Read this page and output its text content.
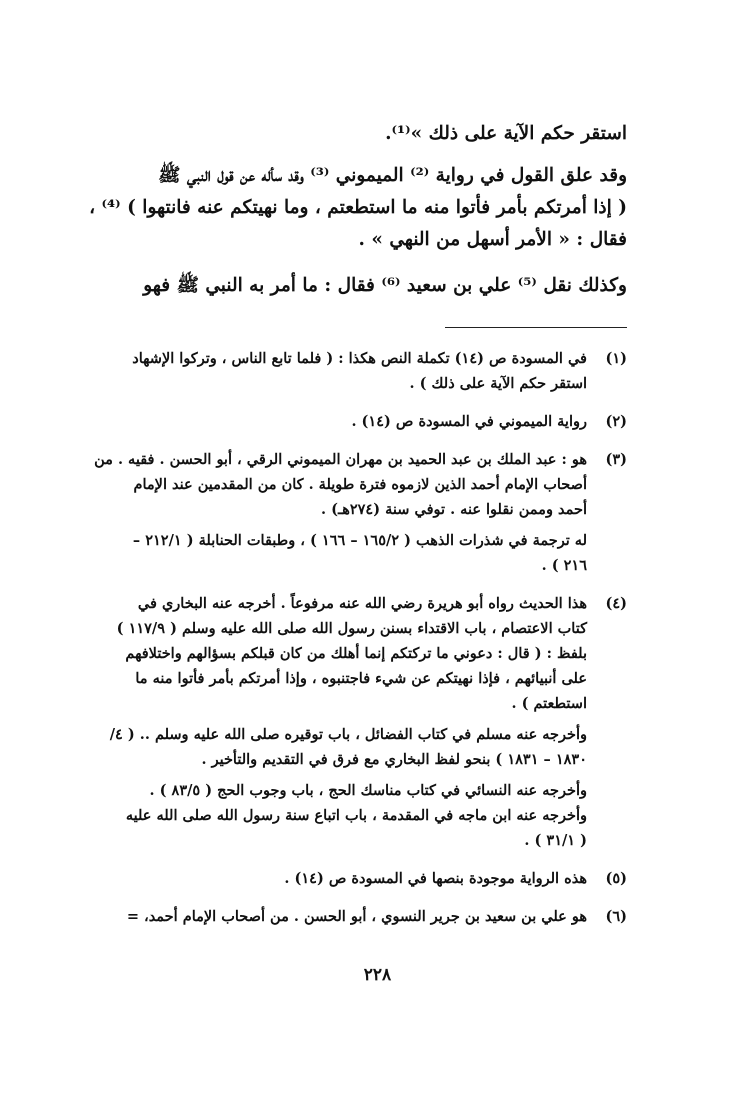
استقر حكم الآية على ذلك »⁽¹⁾.

وقد علق القول في رواية ⁽²⁾ الميموني ⁽³⁾ وقد سأله عن قول النبي ﷺ
( إذا أمرتكم بأمر فأتوا منه ما استطعتم ، وما نهيتكم عنه فانتهوا ) ⁽⁴⁾ ،
فقال : « الأمر أسهل من النهي » .

وكذلك نقل ⁽⁵⁾ علي بن سعيد ⁽⁶⁾ فقال : ما أمر به النبي ﷺ فهو

(١)
في المسودة ص (١٤) تكملة النص هكذا : ( فلما تابع الناس ، وتركوا الإشهاد
استقر حكم الآية على ذلك ) .
(٢)
رواية الميموني في المسودة ص (١٤) .
(٣)
هو : عبد الملك بن عبد الحميد بن مهران الميموني الرقي ، أبو الحسن . فقيه . من
أصحاب الإمام أحمد الذين لازموه فترة طويلة . كان من المقدمين عند الإمام
أحمد وممن نقلوا عنه . توفي سنة (٢٧٤هـ) .
له ترجمة في شذرات الذهب ( ١٦٥/٢ – ١٦٦ ) ، وطبقات الحنابلة ( ٢١٢/١ –
٢١٦ ) .
(٤)
هذا الحديث رواه أبو هريرة رضي الله عنه مرفوعاً . أخرجه عنه البخاري في
كتاب الاعتصام ، باب الاقتداء بسنن رسول الله صلى الله عليه وسلم ( ١١٧/٩ )
بلفظ : ( قال : دعوني ما تركتكم إنما أهلك من كان قبلكم بسؤالهم واختلافهم
على أنبيائهم ، فإذا نهيتكم عن شيء فاجتنبوه ، وإذا أمرتكم بأمر فأتوا منه ما
استطعتم ) .
وأخرجه عنه مسلم في كتاب الفضائل ، باب توقيره صلى الله عليه وسلم .. ( ٤/
١٨٣٠ – ١٨٣١ ) بنحو لفظ البخاري مع فرق في التقديم والتأخير .
وأخرجه عنه النسائي في كتاب مناسك الحج ، باب وجوب الحج ( ٨٣/٥ ) .
وأخرجه عنه ابن ماجه في المقدمة ، باب اتباع سنة رسول الله صلى الله عليه
( ٣١/١ ) .
(٥)
هذه الرواية موجودة بنصها في المسودة ص (١٤) .
(٦)
هو علي بن سعيد بن جرير النسوي ، أبو الحسن . من أصحاب الإمام أحمد، =
٢٢٨
